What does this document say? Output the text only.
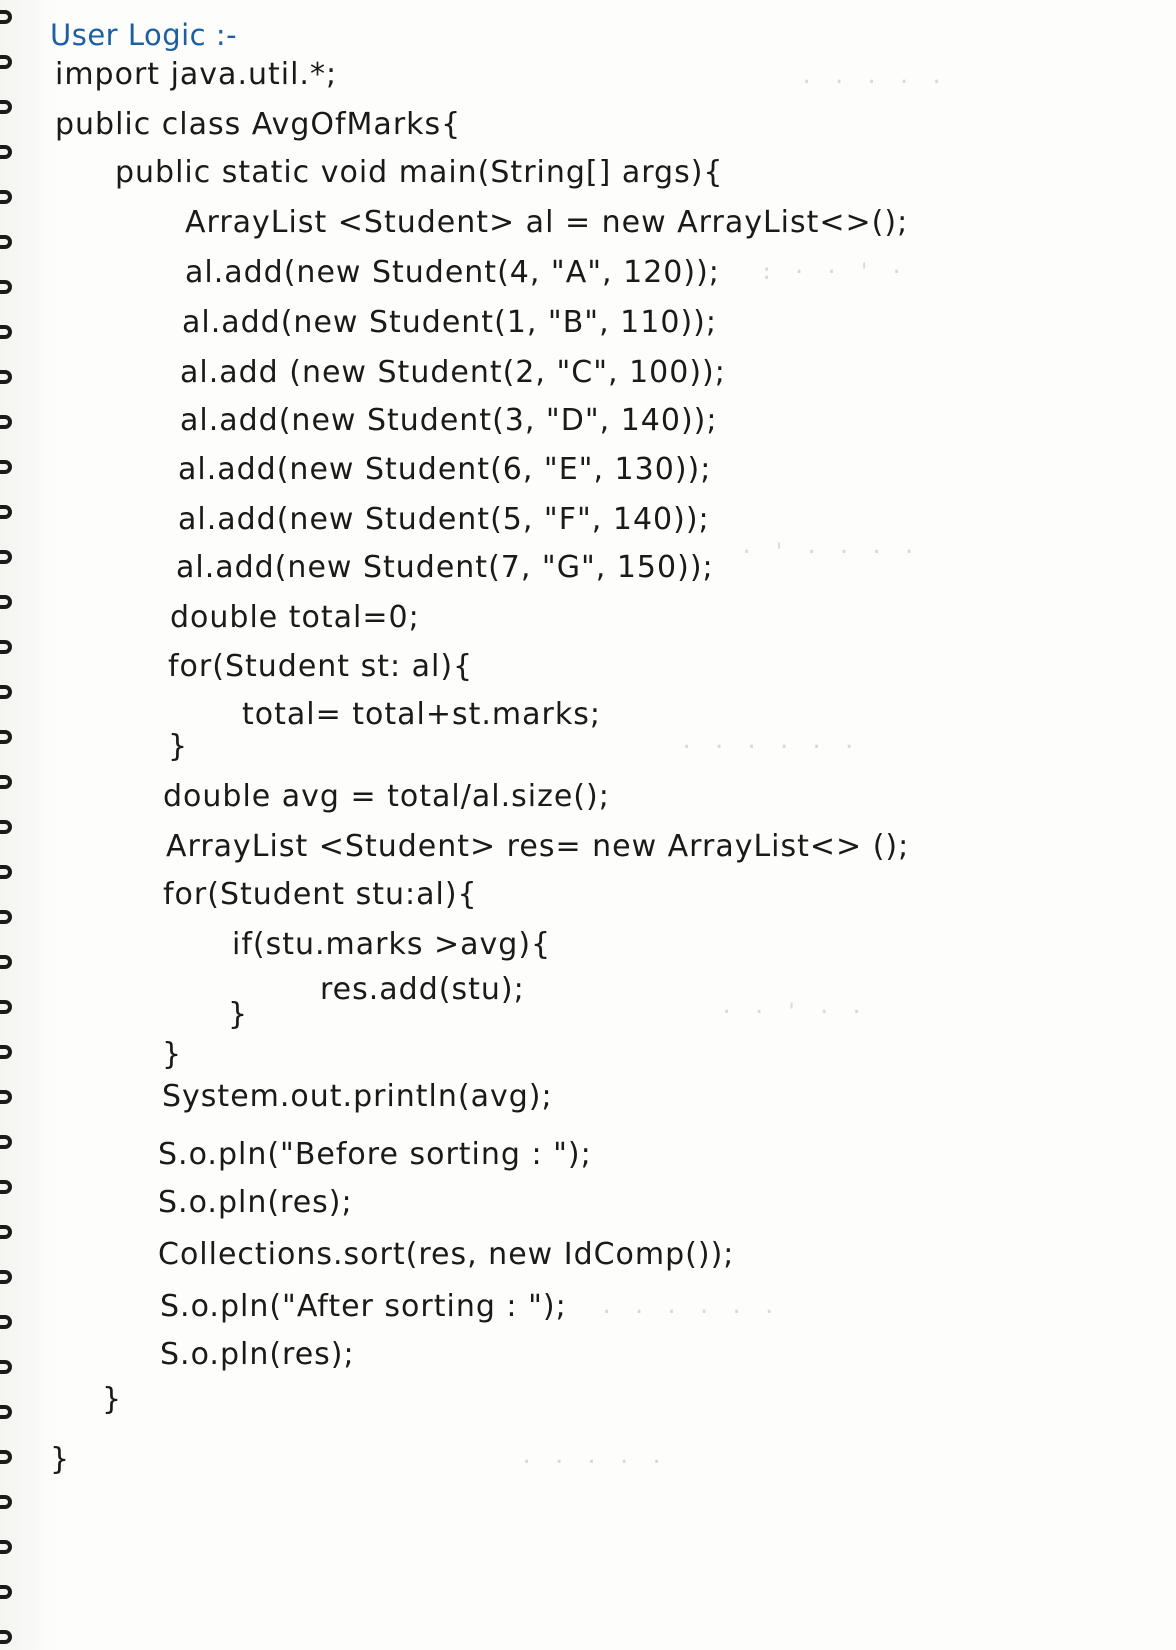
User Logic :-
import java.util.*;
public class AvgOfMarks{
public static void main(String[] args){
ArrayList <Student> al = new ArrayList<>();
al.add(new Student(4, "A", 120));
al.add(new Student(1, "B", 110));
al.add (new Student(2, "C", 100));
al.add(new Student(3, "D", 140));
al.add(new Student(6, "E", 130));
al.add(new Student(5, "F", 140));
al.add(new Student(7, "G", 150));
double total=0;
for(Student st: al){
total= total+st.marks;
}
double avg = total/al.size();
ArrayList <Student> res= new ArrayList<> ();
for(Student stu:al){
if(stu.marks >avg){
res.add(stu);
}
}
System.out.println(avg);
S.o.pln("Before sorting : ");
S.o.pln(res);
Collections.sort(res, new IdComp());
S.o.pln("After sorting : ");
S.o.pln(res);
}
}
· · · · ·
: · · ' ·
· ' · · · ·
· · · · · ·
· · ' · ·
· · · · · ·
· · · · ·
